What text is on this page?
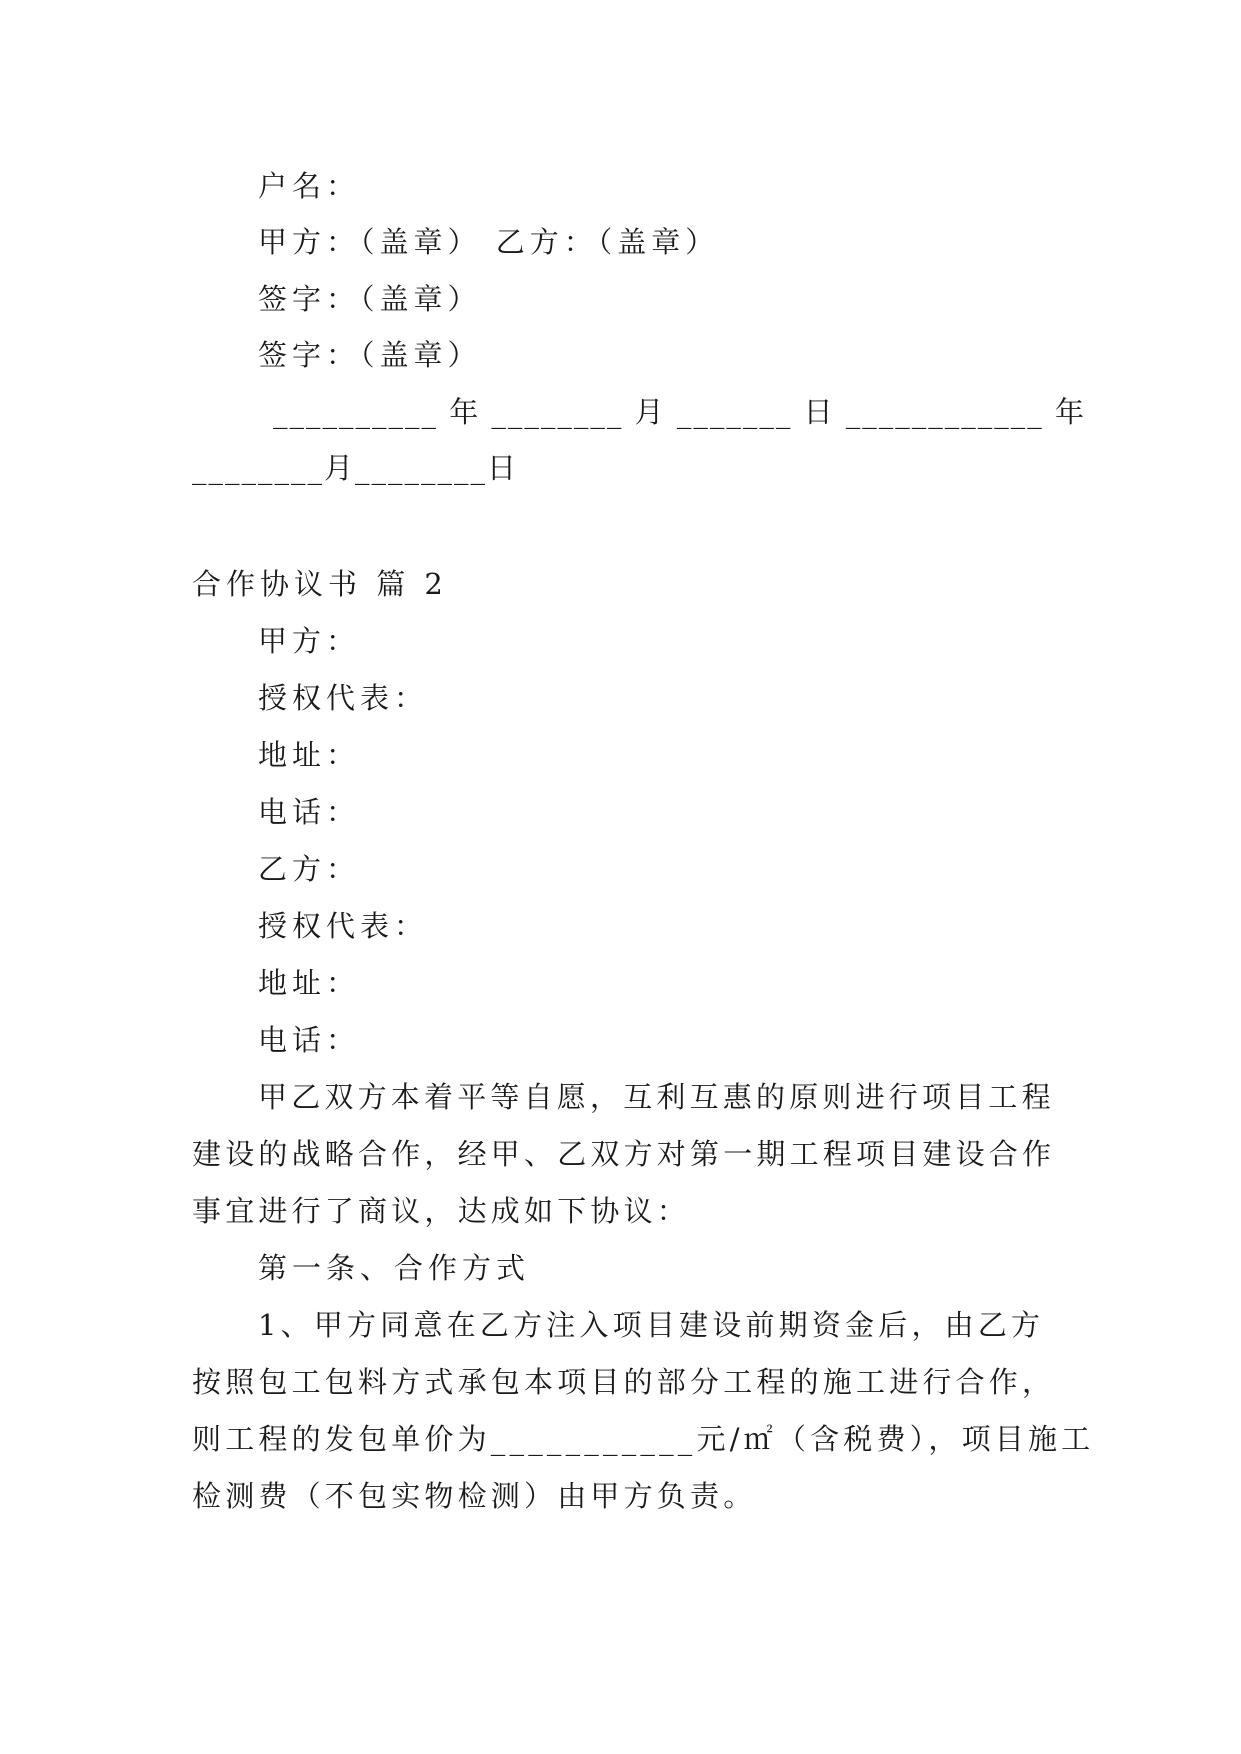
户名：
甲方：（盖章） 乙方：（盖章）
签字：（盖章）
签字：（盖章）
__________ 年 ________ 月 _______ 日 ____________ 年
________月________日
合作协议书 篇 2
甲方：
授权代表：
地址：
电话：
乙方：
授权代表：
地址：
电话：
甲乙双方本着平等自愿，互利互惠的原则进行项目工程
建设的战略合作，经甲、乙双方对第一期工程项目建设合作
事宜进行了商议，达成如下协议：
第一条、合作方式
1、甲方同意在乙方注入项目建设前期资金后，由乙方
按照包工包料方式承包本项目的部分工程的施工进行合作，
则工程的发包单价为___________元/㎡（含税费），项目施工
检测费（不包实物检测）由甲方负责。
